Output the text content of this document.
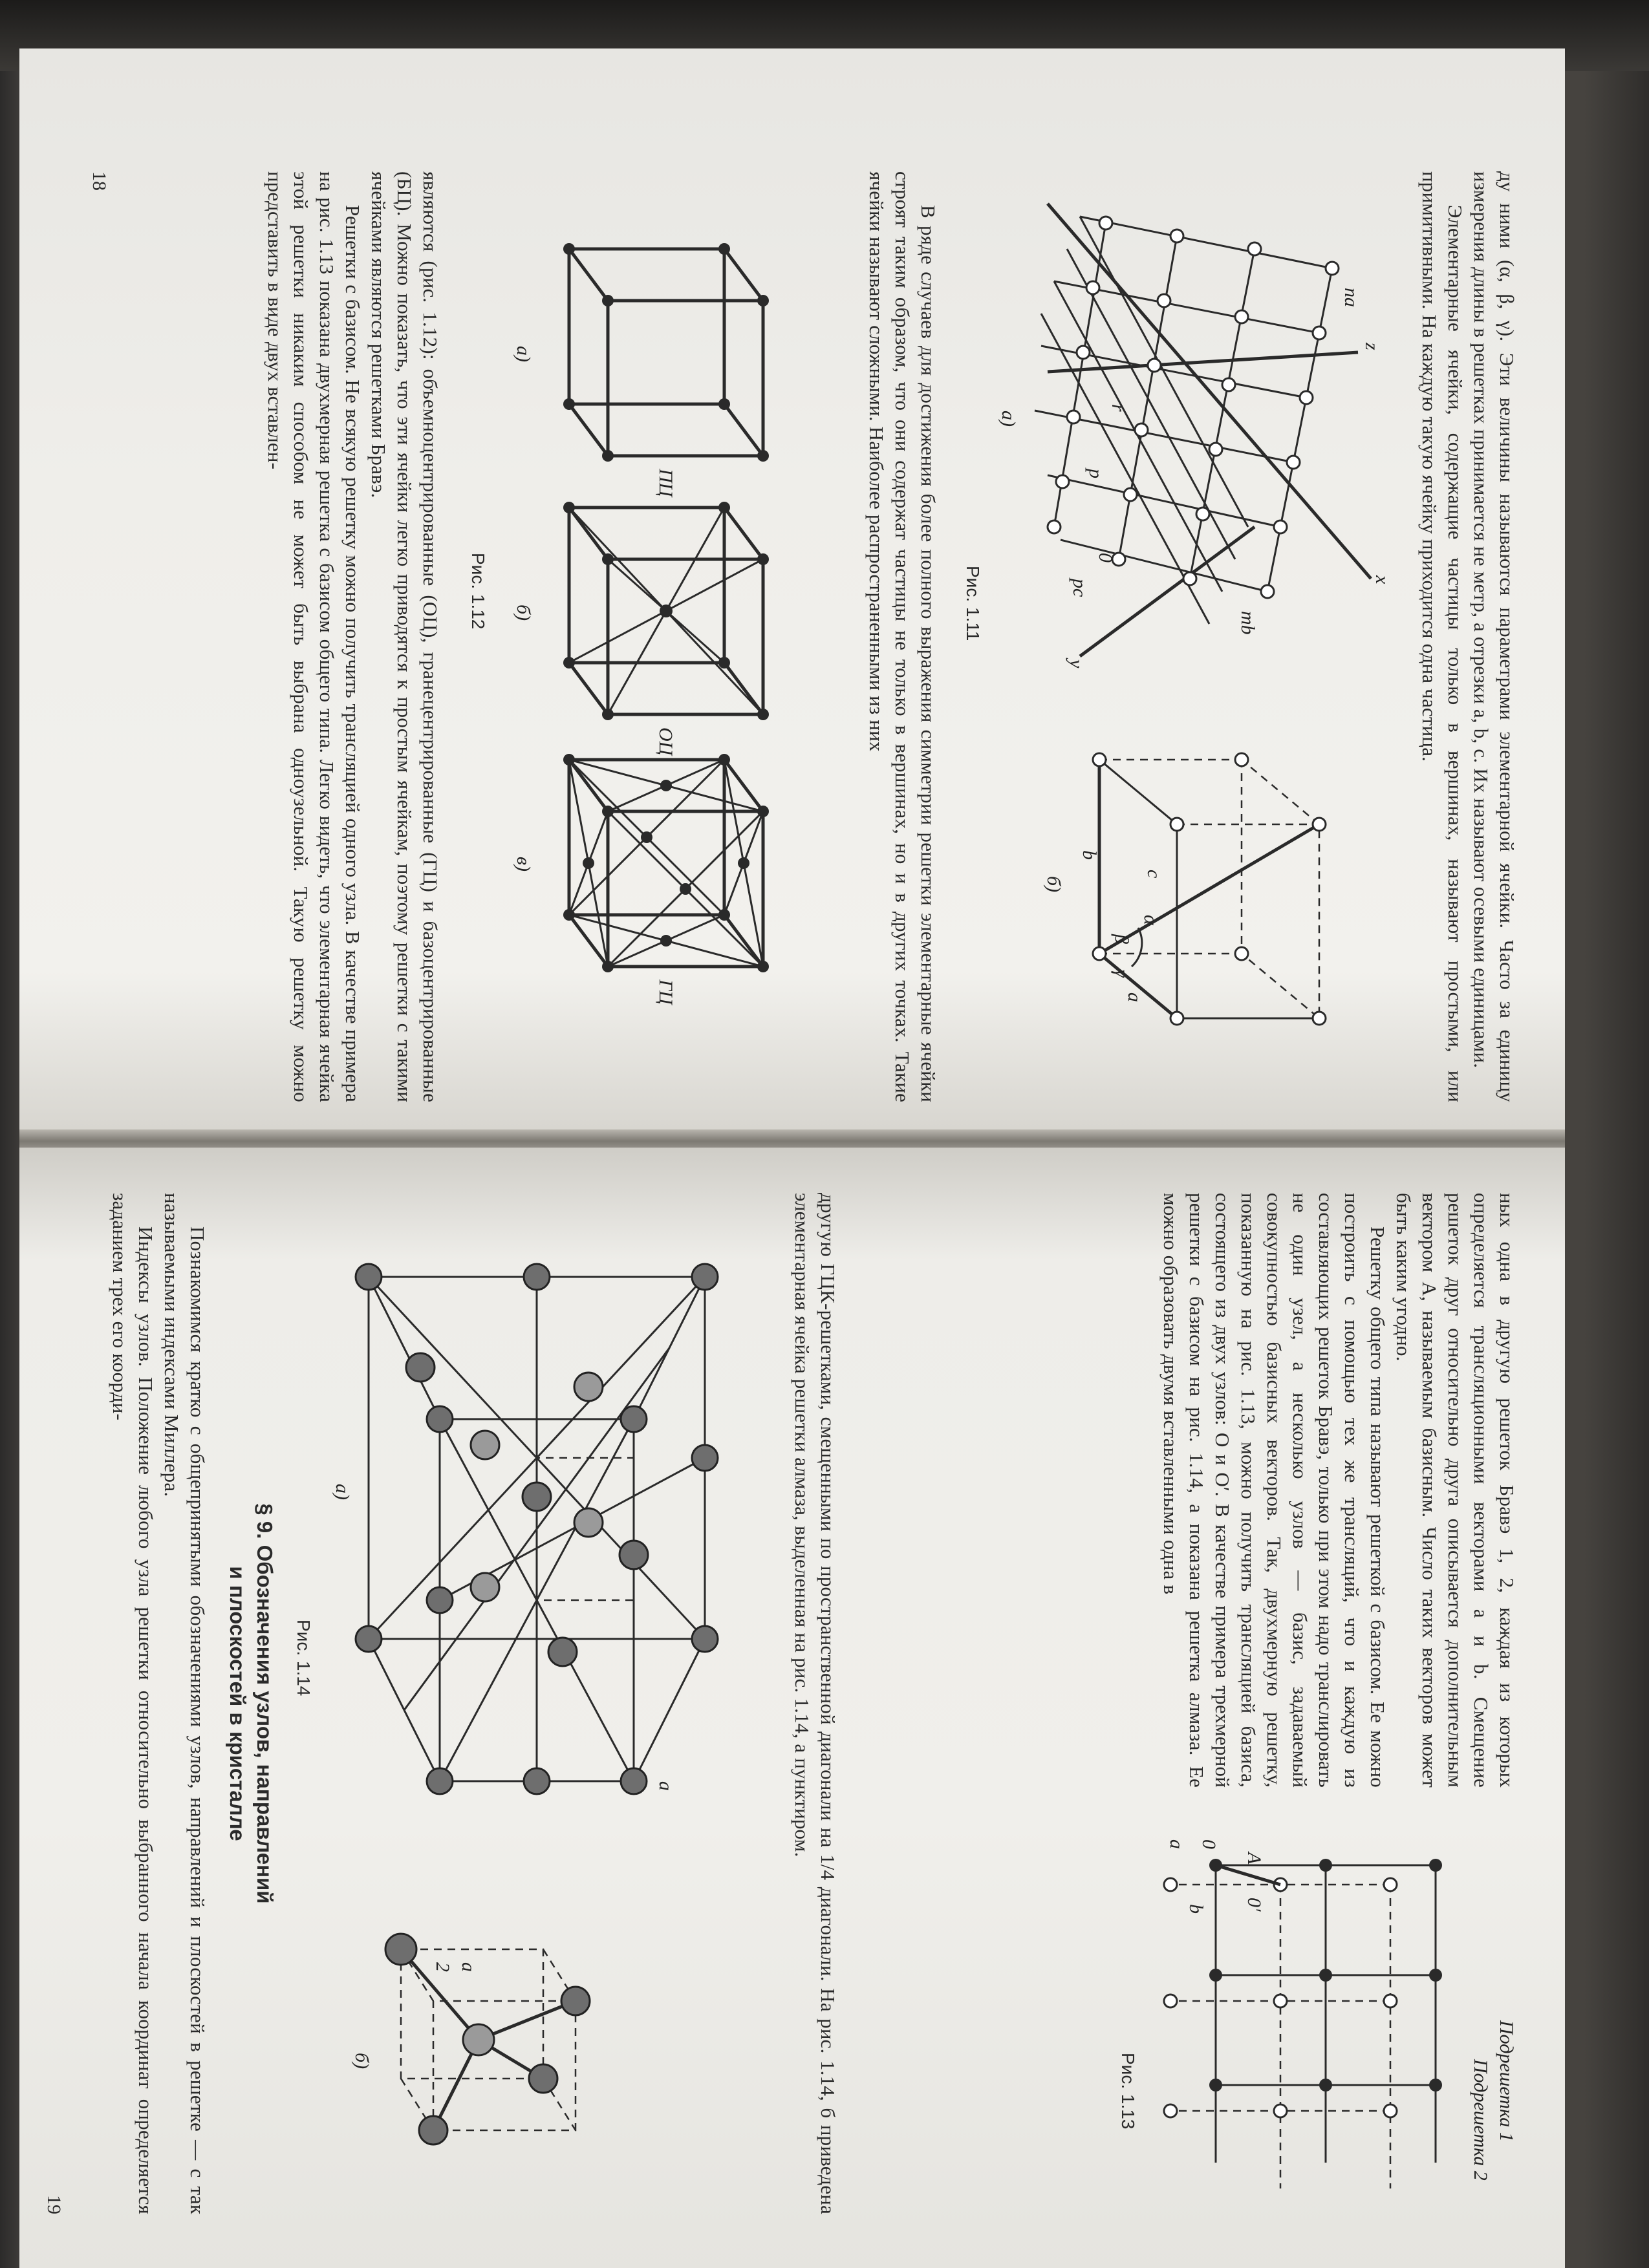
ду ними (α, β, γ). Эти величины называются параметрами элементарной ячейки. Часто за единицу измерения длины в решетках принимается не метр, а отрезки a, b, c. Их называют осевыми единицами.

Элементарные ячейки, содержащие частицы только в вершинах, называют простыми, или примитивными. На каждую такую ячейку приходится одна частица.

x
z
y
na
mb
pc
r
0
p
а)
c
b
a
α
β
γ
б)
Рис. 1.11

В ряде случаев для достижения более полного выражения симметрии решетки элементарные ячейки строят таким образом, что они содержат частицы не только в вершинах, но и в других точках. Такие ячейки называют сложными. Наиболее распространенными из них

ПЦ
а)
ОЦ
б)
ГЦ
в)
Рис. 1.12

являются (рис. 1.12): объемноцентрированные (ОЦ), гранецентрированные (ГЦ) и базоцентрированные (БЦ). Можно показать, что эти ячейки легко приводятся к простым ячейкам, поэтому решетки с такими ячейками являются решетками Бравэ.

Решетки с базисом. Не всякую решетку можно получить трансляцией одного узла. В качестве примера на рис. 1.13 показана двухмерная решетка с базисом общего типа. Легко видеть, что элементарная ячейка этой решетки никаким способом не может быть выбрана одноузельной. Такую решетку можно представить в виде двух вставлен-

18

ных одна в другую решеток Бравэ 1, 2, каждая из которых определяется трансляционными векторами a и b. Смещение решеток друг относительно друга описывается дополнительным вектором A, называемым базисным. Число таких векторов может быть каким угодно.

Решетку общего типа называют решеткой с базисом. Ее можно построить с помощью тех же трансляций, что и каждую из составляющих решеток Бравэ, только при этом надо транслировать не один узел, а несколько узлов — базис, задаваемый совокупностью базисных векторов. Так, двухмерную решетку, показанную на рис. 1.13, можно получить трансляцией базиса, состоящего из двух узлов: O и O′. В качестве примера трехмерной решетки с базисом на рис. 1.14, а показана решетка алмаза. Ее можно образовать двумя вставленными одна в

Подрешетка 1
Подрешетка 2
0
0′
A
b
a
Рис. 1.13

другую ГЦК-решетками, смещенными по пространственной диагонали на 1/4 диагонали. На рис. 1.14, б приведена элементарная ячейка решетки алмаза, выделенная на рис. 1.14, а пунктиром.

a
а)
a
2
б)
Рис. 1.14
§ 9. Обозначения узлов, направлений
и плоскостей в кристалле

Познакомимся кратко с общепринятыми обозначениями узлов, направлений и плоскостей в решетке — с так называемыми индексами Миллера.

Индексы узлов. Положение любого узла решетки относительно выбранного начала координат определяется заданием трех его коорди-

19
